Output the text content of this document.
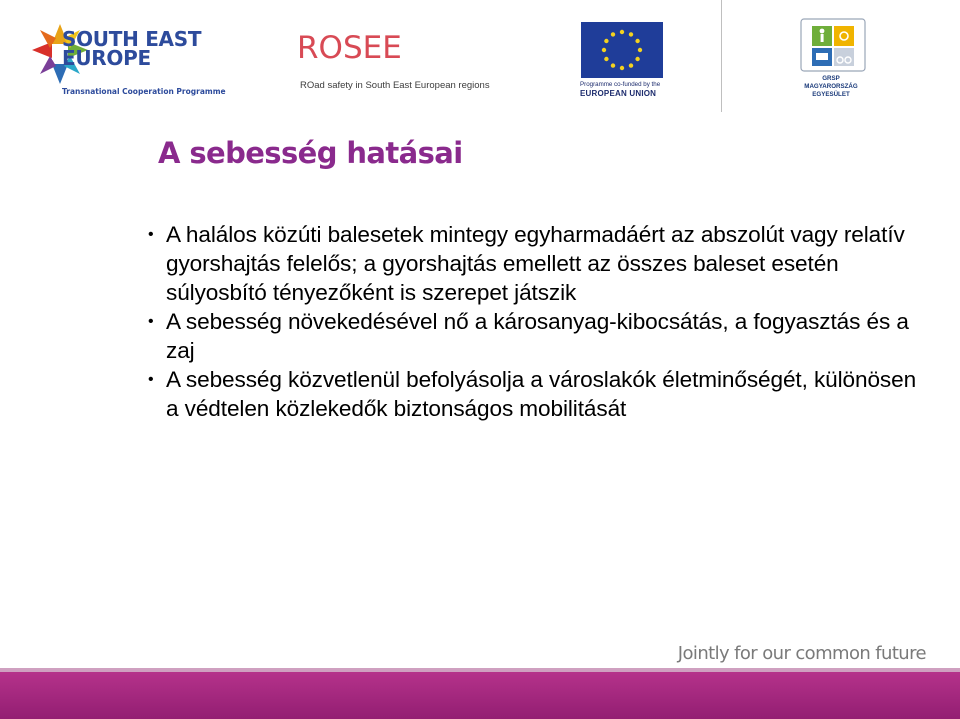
SOUTH EAST
EUROPE
Transnational Cooperation Programme
ROSEE
ROad safety in South East European regions	Programme co-funded by the
EUROPEAN UNION
GRSP
MAGYARORSZÁG
EGYESÜLET
A sebesség hatásai
• A halálos közúti balesetek mintegy egyharmadáért az abszolút vagy relatív gyorshajtás felelős; a gyorshajtás emellett az összes baleset esetén súlyosbító tényezőként is szerepet játszik
• A sebesség növekedésével nő a károsanyag-kibocsátás, a fogyasztás és a zaj
• A sebesség közvetlenül befolyásolja a városlakók életminőségét, különösen a védtelen közlekedők biztonságos mobilitását
Jointly for our common future
